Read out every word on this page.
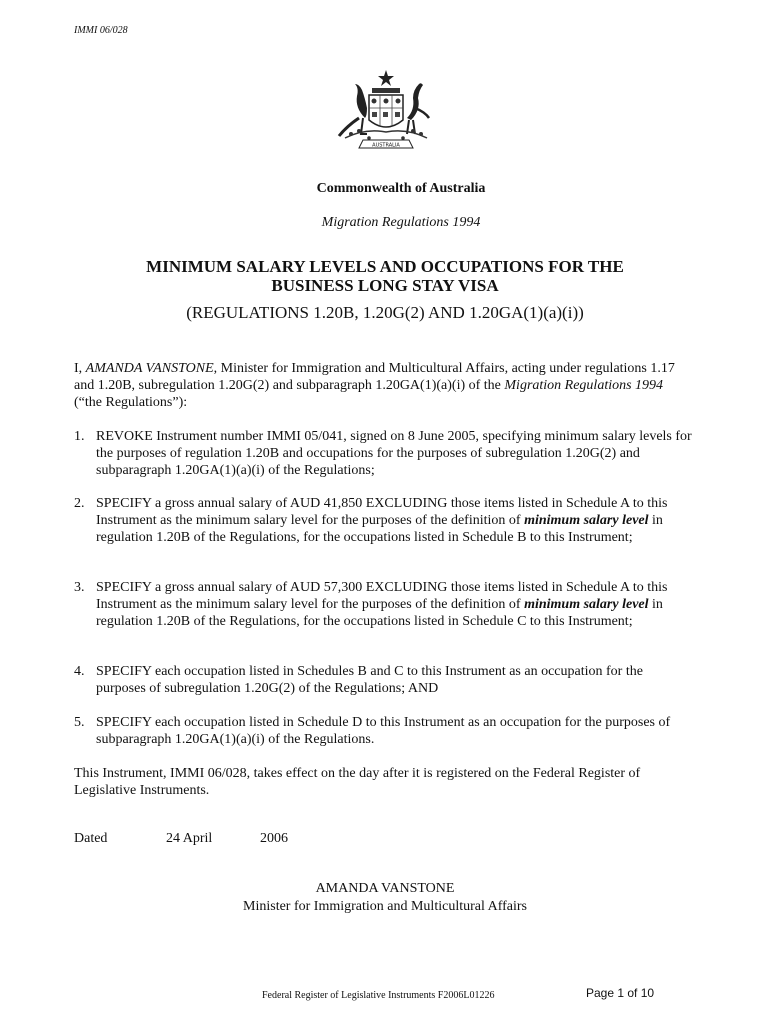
IMMI 06/028
AUSTRALIA
Commonwealth of Australia
Migration Regulations 1994
MINIMUM SALARY LEVELS AND OCCUPATIONS FOR THE
BUSINESS LONG STAY VISA
(REGULATIONS 1.20B, 1.20G(2) AND 1.20GA(1)(a)(i))
I, AMANDA VANSTONE, Minister for Immigration and Multicultural Affairs, acting under regulations 1.17 and 1.20B, subregulation 1.20G(2) and subparagraph 1.20GA(1)(a)(i) of the Migration Regulations 1994 (“the Regulations”):
1. REVOKE Instrument number IMMI 05/041, signed on 8 June 2005, specifying minimum salary levels for the purposes of regulation 1.20B and occupations for the purposes of subregulation 1.20G(2) and subparagraph 1.20GA(1)(a)(i) of the Regulations;
2. SPECIFY a gross annual salary of AUD 41,850 EXCLUDING those items listed in Schedule A to this Instrument as the minimum salary level for the purposes of the definition of minimum salary level in regulation 1.20B of the Regulations, for the occupations listed in Schedule B to this Instrument;
3. SPECIFY a gross annual salary of AUD 57,300 EXCLUDING those items listed in Schedule A to this Instrument as the minimum salary level for the purposes of the definition of minimum salary level in regulation 1.20B of the Regulations, for the occupations listed in Schedule C to this Instrument;
4. SPECIFY each occupation listed in Schedules B and C to this Instrument as an occupation for the purposes of subregulation 1.20G(2) of the Regulations; AND
5. SPECIFY each occupation listed in Schedule D to this Instrument as an occupation for the purposes of subparagraph 1.20GA(1)(a)(i) of the Regulations.
This Instrument, IMMI 06/028, takes effect on the day after it is registered on the Federal Register of Legislative Instruments.
Dated	24 April	2006
AMANDA VANSTONE
Minister for Immigration and Multicultural Affairs
Federal Register of Legislative Instruments F2006L01226	Page 1 of 10
